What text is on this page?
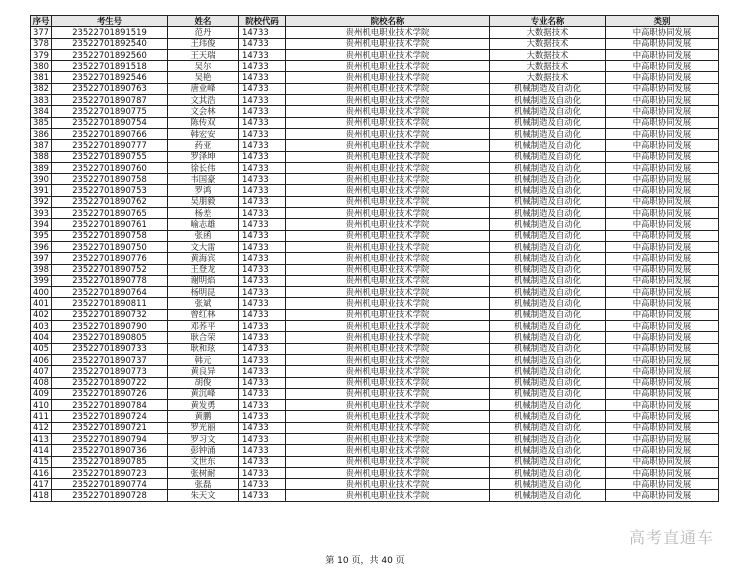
序号	考生号	姓名	院校代码	院校名称	专业名称	类别
377	23522701891519	范丹	14733	贵州机电职业技术学院	大数据技术	中高职协同发展
378	23522701892540	王玮俊	14733	贵州机电职业技术学院	大数据技术	中高职协同发展
379	23522701892560	王天瑞	14733	贵州机电职业技术学院	大数据技术	中高职协同发展
380	23522701891518	吴尔	14733	贵州机电职业技术学院	大数据技术	中高职协同发展
381	23522701892546	吴艳	14733	贵州机电职业技术学院	大数据技术	中高职协同发展
382	23522701890763	唐业峰	14733	贵州机电职业技术学院	机械制造及自动化	中高职协同发展
383	23522701890787	文其浩	14733	贵州机电职业技术学院	机械制造及自动化	中高职协同发展
384	23522701890775	文会林	14733	贵州机电职业技术学院	机械制造及自动化	中高职协同发展
385	23522701890754	陈传双	14733	贵州机电职业技术学院	机械制造及自动化	中高职协同发展
386	23522701890766	韩宏安	14733	贵州机电职业技术学院	机械制造及自动化	中高职协同发展
387	23522701890777	药亚	14733	贵州机电职业技术学院	机械制造及自动化	中高职协同发展
388	23522701890755	罗泽坤	14733	贵州机电职业技术学院	机械制造及自动化	中高职协同发展
389	23522701890760	徐长伟	14733	贵州机电职业技术学院	机械制造及自动化	中高职协同发展
390	23522701890758	韦国豪	14733	贵州机电职业技术学院	机械制造及自动化	中高职协同发展
391	23522701890753	罗鸿	14733	贵州机电职业技术学院	机械制造及自动化	中高职协同发展
392	23522701890762	吴朋毅	14733	贵州机电职业技术学院	机械制造及自动化	中高职协同发展
393	23522701890765	杨差	14733	贵州机电职业技术学院	机械制造及自动化	中高职协同发展
394	23522701890761	喻志雄	14733	贵州机电职业技术学院	机械制造及自动化	中高职协同发展
395	23522701890758	张函	14733	贵州机电职业技术学院	机械制造及自动化	中高职协同发展
396	23522701890750	文大雷	14733	贵州机电职业技术学院	机械制造及自动化	中高职协同发展
397	23522701890776	黄海宾	14733	贵州机电职业技术学院	机械制造及自动化	中高职协同发展
398	23522701890752	王登龙	14733	贵州机电职业技术学院	机械制造及自动化	中高职协同发展
399	23522701890778	谢明焰	14733	贵州机电职业技术学院	机械制造及自动化	中高职协同发展
400	23522701890764	杨明昆	14733	贵州机电职业技术学院	机械制造及自动化	中高职协同发展
401	23522701890811	张斌	14733	贵州机电职业技术学院	机械制造及自动化	中高职协同发展
402	23522701890732	曾红林	14733	贵州机电职业技术学院	机械制造及自动化	中高职协同发展
403	23522701890790	邓荞平	14733	贵州机电职业技术学院	机械制造及自动化	中高职协同发展
404	23522701890805	耿合荣	14733	贵州机电职业技术学院	机械制造及自动化	中高职协同发展
405	23522701890733	耿和玹	14733	贵州机电职业技术学院	机械制造及自动化	中高职协同发展
406	23522701890737	韩元	14733	贵州机电职业技术学院	机械制造及自动化	中高职协同发展
407	23522701890773	黄良异	14733	贵州机电职业技术学院	机械制造及自动化	中高职协同发展
408	23522701890722	胡俊	14733	贵州机电职业技术学院	机械制造及自动化	中高职协同发展
409	23522701890726	黄沉峰	14733	贵州机电职业技术学院	机械制造及自动化	中高职协同发展
410	23522701890784	黄发勇	14733	贵州机电职业技术学院	机械制造及自动化	中高职协同发展
411	23522701890724	黄鹏	14733	贵州机电职业技术学院	机械制造及自动化	中高职协同发展
412	23522701890721	罗光丽	14733	贵州机电职业技术学院	机械制造及自动化	中高职协同发展
413	23522701890794	罗习文	14733	贵州机电职业技术学院	机械制造及自动化	中高职协同发展
414	23522701890736	彭钟涌	14733	贵州机电职业技术学院	机械制造及自动化	中高职协同发展
415	23522701890785	文世东	14733	贵州机电职业技术学院	机械制造及自动化	中高职协同发展
416	23522701890723	张树耐	14733	贵州机电职业技术学院	机械制造及自动化	中高职协同发展
417	23522701890774	张磊	14733	贵州机电职业技术学院	机械制造及自动化	中高职协同发展
418	23522701890728	朱天文	14733	贵州机电职业技术学院	机械制造及自动化	中高职协同发展
第 10 页，共 40 页
高考直通车
